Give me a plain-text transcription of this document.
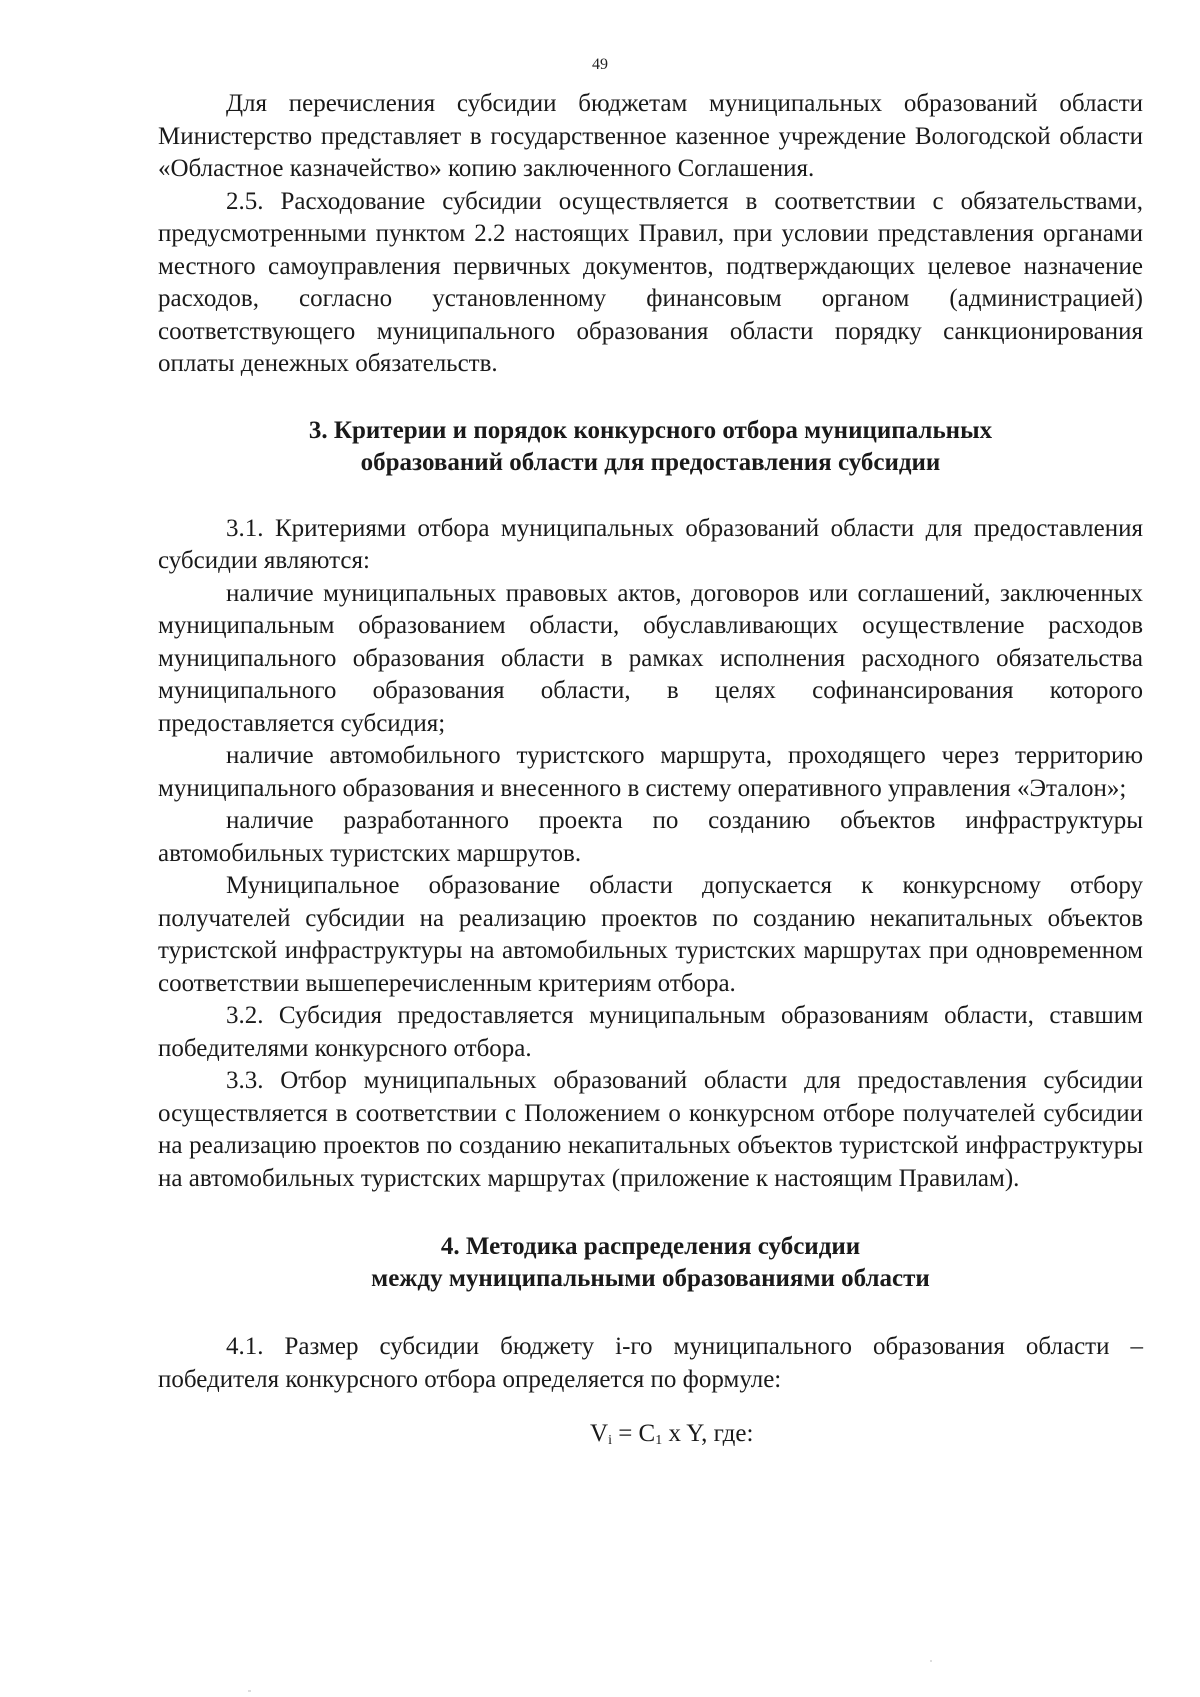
49

Для перечисления субсидии бюджетам муниципальных образований области Министерство представляет в государственное казенное учреждение Вологодской области «Областное казначейство» копию заключенного Соглашения.

2.5. Расходование субсидии осуществляется в соответствии с обязательствами, предусмотренными пунктом 2.2 настоящих Правил, при условии представления органами местного самоуправления первичных документов, подтверждающих целевое назначение расходов, согласно установленному финансовым органом (администрацией) соответствующего муниципального образования области порядку санкционирования оплаты денежных обязательств.

3. Критерии и порядок конкурсного отбора муниципальных
образований области для предоставления субсидии

3.1. Критериями отбора муниципальных образований области для предоставления субсидии являются:

наличие муниципальных правовых актов, договоров или соглашений, заключенных муниципальным образованием области, обуславливающих осуществление расходов муниципального образования области в рамках исполнения расходного обязательства муниципального образования области, в целях софинансирования которого предоставляется субсидия;

наличие автомобильного туристского маршрута, проходящего через территорию муниципального образования и внесенного в систему оперативного управления «Эталон»;

наличие разработанного проекта по созданию объектов инфраструктуры автомобильных туристских маршрутов.

Муниципальное образование области допускается к конкурсному отбору получателей субсидии на реализацию проектов по созданию некапитальных объектов туристской инфраструктуры на автомобильных туристских маршрутах при одновременном соответствии вышеперечисленным критериям отбора.

3.2. Субсидия предоставляется муниципальным образованиям области, ставшим победителями конкурсного отбора.

3.3. Отбор муниципальных образований области для предоставления субсидии осуществляется в соответствии с Положением о конкурсном отборе получателей субсидии на реализацию проектов по созданию некапитальных объектов туристской инфраструктуры на автомобильных туристских маршрутах (приложение к настоящим Правилам).

4. Методика распределения субсидии
между муниципальными образованиями области

4.1. Размер субсидии бюджету i-го муниципального образования области – победителя конкурсного отбора определяется по формуле:

$V_i = C_1$ x Y, где:
